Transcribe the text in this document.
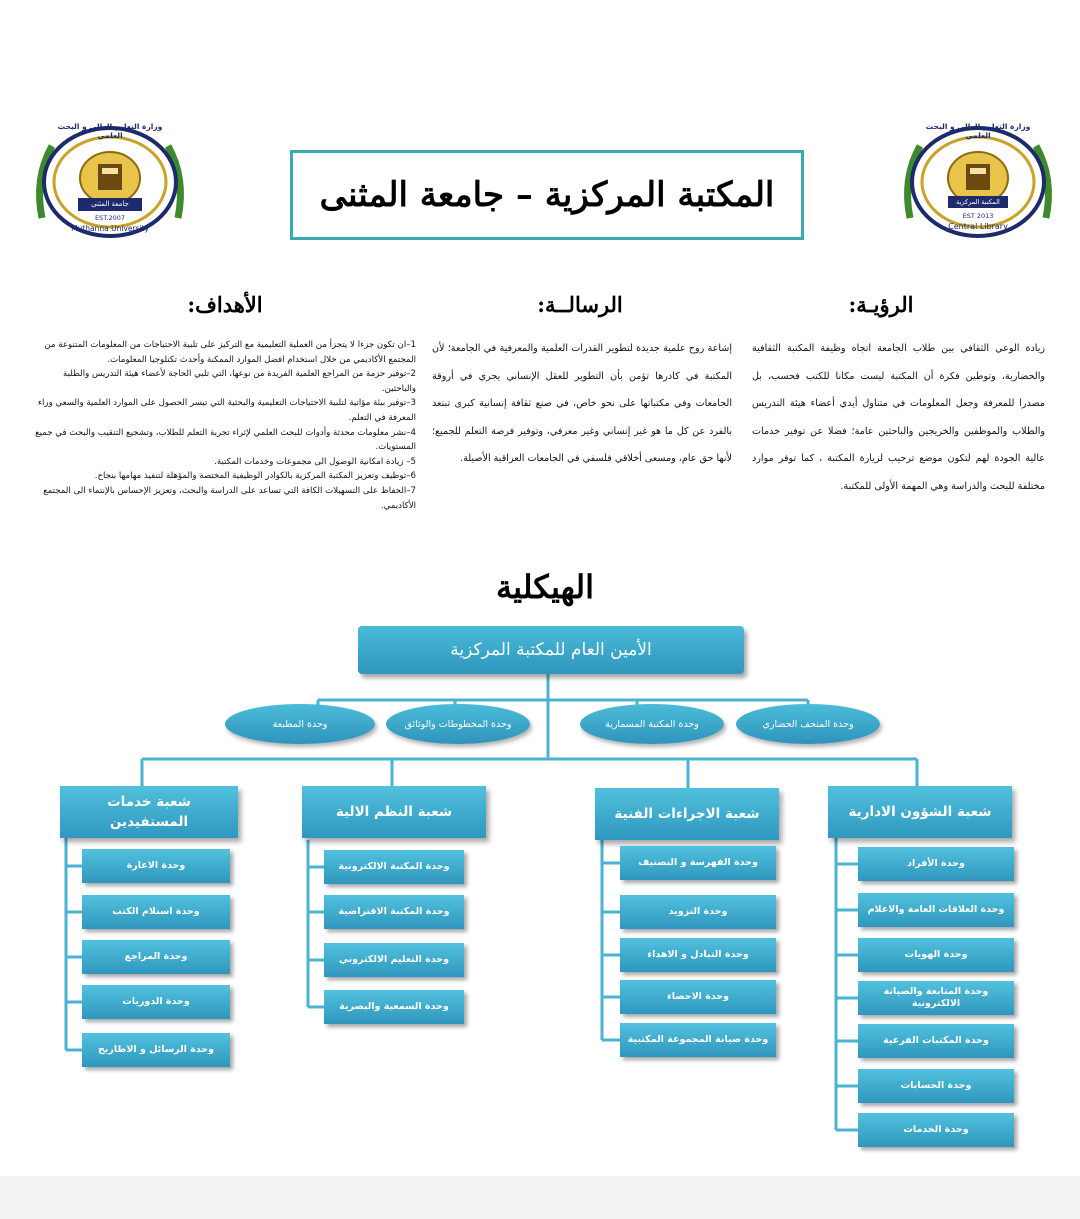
وزارة التعليم العالي و البحث العلمي
المكتبة المركزية
EST 2013
Central Library
وزارة التعليم العالي و البحث العلمي
جامعة المثنى
EST.2007
Muthanna University
المكتبة المركزية – جامعة المثنى
الرؤيـة:
زيادة الوعي الثقافي بين طلاب الجامعة اتجاه وظيفة المكتبة الثقافية والحضارية، وتوطين فكرة أن المكتبة ليست مكانا للكتب فحسب، بل مصدرا للمعرفة وجعل المعلومات في متناول أيدي أعضاء هيئة التدريس والطلاب والموظفين والخريجين والباحثين عامة؛ فضلا عن توفير خدمات عالية الجودة لهم لتكون موضع ترحيب لزيارة المكتبة ، كما توفر موارد مختلفة للبحث والدراسة وهي المهمة الأولى للمكتبة.
الرسالــة:
إشاعة روح علمية جديدة لتطوير القدرات العلمية والمعرفية في الجامعة؛ لأن المكتبة في كادرها تؤمن بأن التطوير للعقل الإنساني يجري في أروقة الجامعات وفي مكتباتها على نحو خاص، في صنع ثقافة إنسانية كبرى تبتعد بالفرد عن كل ما هو غير إنساني وغير معرفي، وتوفير فرصة التعلم للجميع؛ لأنها حق عام، ومسعى أخلاقي فلسفي في الجامعات العراقية الأصيلة.
الأهداف:
1–ان تكون جزءا لا يتجزأ من العملية التعليمية مع التركيز على تلبية الاحتياجات من المعلومات المتنوعة من المجتمع الأكاديمي من خلال استخدام افضل الموارد الممكنة وأحدث تكنلوجيا المعلومات.
2–توفير حزمة من المراجع العلمية الفريدة من نوعها، التي تلبي الحاجة لأعضاء هيئة التدريس والطلبة والباحثين.
3–توفير بيئة مؤاتية لتلبية الاحتياجات التعليمية والبحثية التي تيسر الحصول على الموارد العلمية والسعي وراء المعرفة في التعلم.
4–نشر معلومات محدثة وأدوات للبحث العلمي لإثراء تجربة التعلم للطلاب، وتشجيع التنقيب والبحث في جميع المستويات.
5– زيادة امكانية الوصول الى مجموعات وخدمات المكتبة.
6–توظيف وتعزيز المكتبة المركزية بالكوادر الوظيفية المختصة والمؤهلة لتنفيذ مهامها بنجاح.
7–الحفاظ على التسهيلات الكافة التي تساعد على الدراسة والبحث، وتعزيز الإحساس بالإنتماء الى المجتمع الأكاديمي.
الهيكلية
الأمين العام للمكتبة المركزية
وحدة المتحف الحضاري
وحدة المكتبة المسمارية
وحدة المخطوطات والوثائق
وحدة المطبعة
شعبة الشؤون الادارية
شعبة الاجراءات الفنية
شعبة النظم الالية
شعبة خدمات المستفيدين
وحدة الأفراد
وحدة العلاقات العامة والاعلام
وحدة الهويات
وحدة المتابعة والصيانة الالكترونية
وحدة المكتبات الفرعية
وحدة الحسابات
وحدة الخدمات
وحدة الفهرسة و التصنيف
وحدة التزويد
وحدة التبادل و الاهداء
وحدة الاحصاء
وحدة صيانة المجموعة المكتبية
وحدة المكتبة الالكترونية
وحدة المكتبة الافتراضية
وحدة التعليم الالكتروني
وحدة السمعية والبصرية
وحدة الاعارة
وحدة استلام الكتب
وحدة المراجع
وحدة الدوريات
وحدة الرسائل و الاطاريح
